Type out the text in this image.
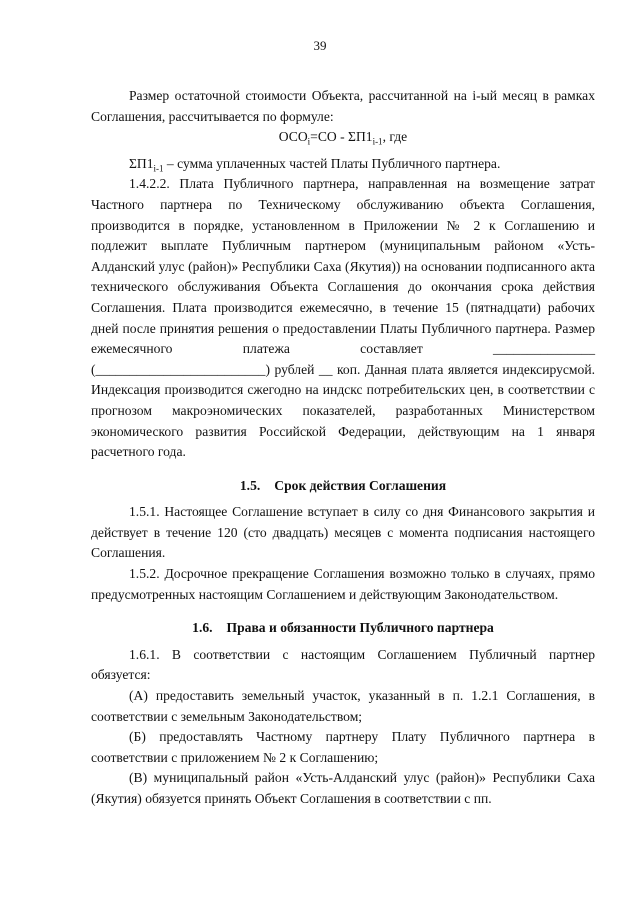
39

Размер остаточной стоимости Объекта, рассчитанной на i-ый месяц в рамках Соглашения, рассчитывается по формуле:

$ОСО_i=СО - \Sigma П1_{i-1}$, где

$\Sigma П1_{i-1}$ – сумма уплаченных частей Платы Публичного партнера.

1.4.2.2. Плата Публичного партнера, направленная на возмещение затрат Частного партнера по Техническому обслуживанию объекта Соглашения, производится в порядке, установленном в Приложении № 2 к Соглашению и подлежит выплате Публичным партнером (муниципальным районом «Усть-Алданский улус (район)» Республики Саха (Якутия)) на основании подписанного акта технического обслуживания Объекта Соглашения до окончания срока действия Соглашения. Плата производится ежемесячно, в течение 15 (пятнадцати) рабочих дней после принятия решения о предоставлении Платы Публичного партнера. Размер ежемесячного платежа составляет _______________

(_________________________) рублей __ коп. Данная плата является индексирусмой. Индексация производится сжегодно на индскс потребительских цен, в соответствии с прогнозом макроэномических показателей, разработанных Министерством экономического развития Российской Федерации, действующим на 1 января расчетного года.

1.5. Срок действия Соглашения

1.5.1. Настоящее Соглашение вступает в силу со дня Финансового закрытия и действует в течение 120 (сто двадцать) месяцев с момента подписания настоящего Соглашения.

1.5.2. Досрочное прекращение Соглашения возможно только в случаях, прямо предусмотренных настоящим Соглашением и действующим Законодательством.

1.6. Права и обязанности Публичного партнера

1.6.1. В соответствии с настоящим Соглашением Публичный партнер обязуется:

(А) предоставить земельный участок, указанный в п. 1.2.1 Соглашения, в соответствии с земельным Законодательством;

(Б) предоставлять Частному партнеру Плату Публичного партнера в соответствии с приложением № 2 к Соглашению;

(В) муниципальный район «Усть-Алданский улус (район)» Республики Саха (Якутия) обязуется принять Объект Соглашения в соответствии с пп.
